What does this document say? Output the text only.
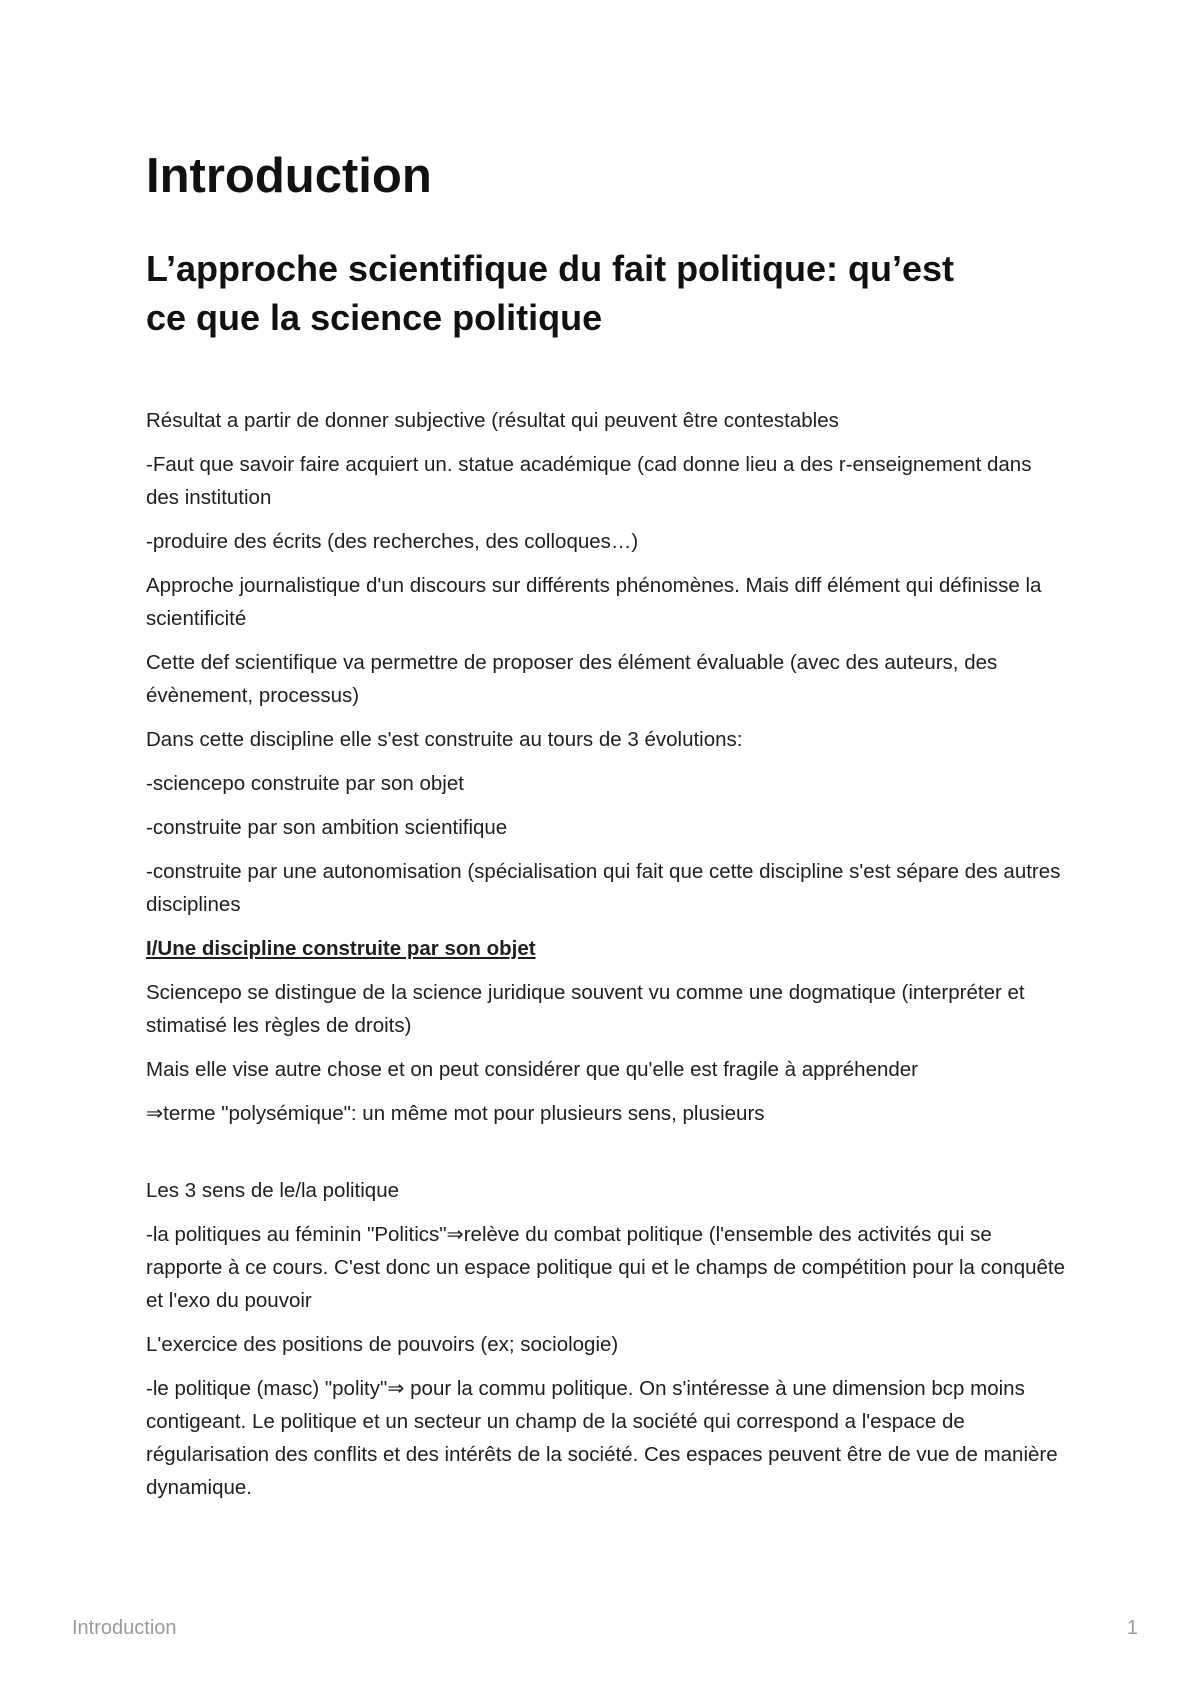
Introduction
L’approche scientifique du fait politique: qu’est
ce que la science politique

Résultat a partir de donner subjective (résultat qui peuvent être contestables

-Faut que savoir faire acquiert un. statue académique (cad donne lieu a des r-enseignement dans des institution

-produire des écrits (des recherches, des colloques…)

Approche journalistique d'un discours sur différents phénomènes. Mais diff élément qui définisse la scientificité

Cette def scientifique va permettre de proposer des élément évaluable (avec des auteurs, des évènement, processus)

Dans cette discipline elle s'est construite au tours de 3 évolutions:

-sciencepo construite par son objet

-construite par son ambition scientifique

-construite par une autonomisation (spécialisation qui fait que cette discipline s'est sépare des autres disciplines

I/Une discipline construite par son objet

Sciencepo se distingue de la science juridique souvent vu comme une dogmatique (interpréter et stimatisé les règles de droits)

Mais elle vise autre chose et on peut considérer que qu'elle est fragile à appréhender

⇒terme "polysémique": un même mot pour plusieurs sens, plusieurs

Les 3 sens de le/la politique

-la politiques au féminin "Politics"⇒relève du combat politique (l'ensemble des activités qui se rapporte à ce cours. C'est donc un espace politique qui et le champs de compétition pour la conquête et l'exo du pouvoir

L'exercice des positions de pouvoirs (ex; sociologie)

-le politique (masc) "polity"⇒ pour la commu politique. On s'intéresse à une dimension bcp moins contigeant. Le politique et un secteur un champ de la société qui correspond a l'espace de régularisation des conflits et des intérêts de la société. Ces espaces peuvent être de vue de manière dynamique.

Introduction	1
